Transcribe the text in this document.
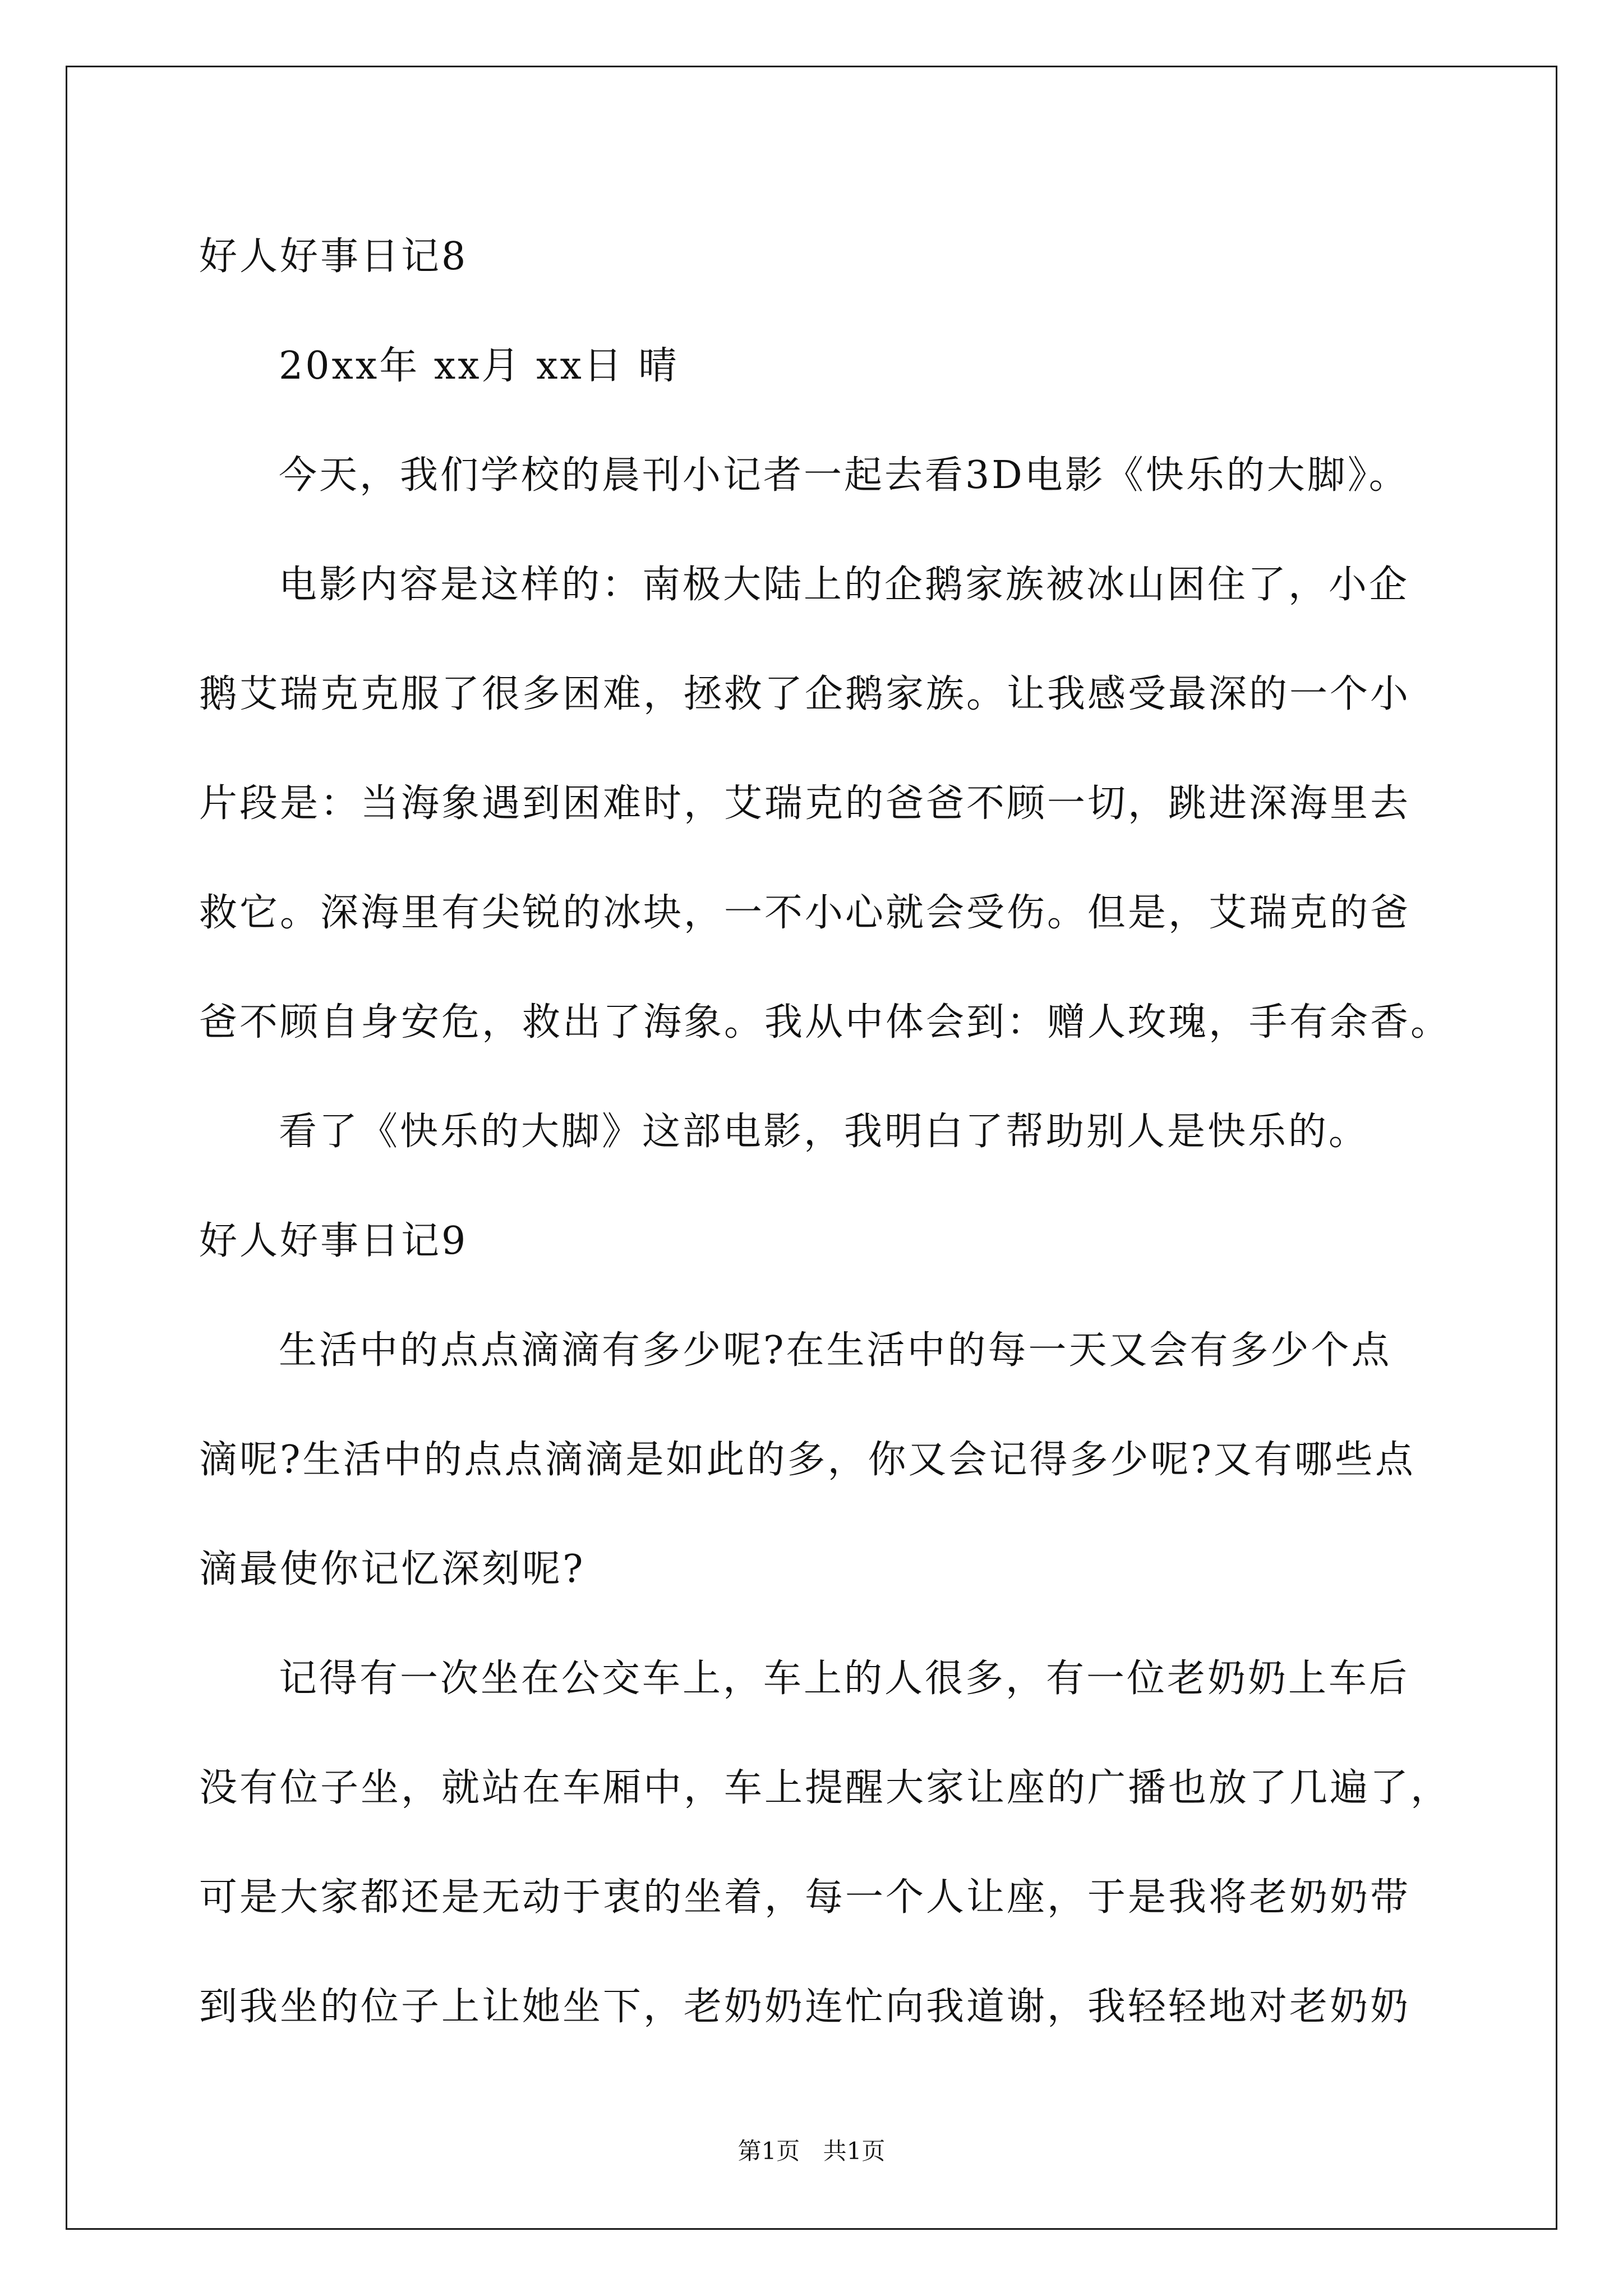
好人好事日记8
20xx年 xx月 xx日 晴
今天，我们学校的晨刊小记者一起去看3D电影《快乐的大脚》。
电影内容是这样的：南极大陆上的企鹅家族被冰山困住了，小企
鹅艾瑞克克服了很多困难，拯救了企鹅家族。让我感受最深的一个小
片段是：当海象遇到困难时，艾瑞克的爸爸不顾一切，跳进深海里去
救它。深海里有尖锐的冰块，一不小心就会受伤。但是，艾瑞克的爸
爸不顾自身安危，救出了海象。我从中体会到：赠人玫瑰，手有余香。
看了《快乐的大脚》这部电影，我明白了帮助别人是快乐的。
好人好事日记9
生活中的点点滴滴有多少呢?在生活中的每一天又会有多少个点
滴呢?生活中的点点滴滴是如此的多，你又会记得多少呢?又有哪些点
滴最使你记忆深刻呢?
记得有一次坐在公交车上，车上的人很多，有一位老奶奶上车后
没有位子坐，就站在车厢中，车上提醒大家让座的广播也放了几遍了，
可是大家都还是无动于衷的坐着，每一个人让座，于是我将老奶奶带
到我坐的位子上让她坐下，老奶奶连忙向我道谢，我轻轻地对老奶奶
第1页 共1页
